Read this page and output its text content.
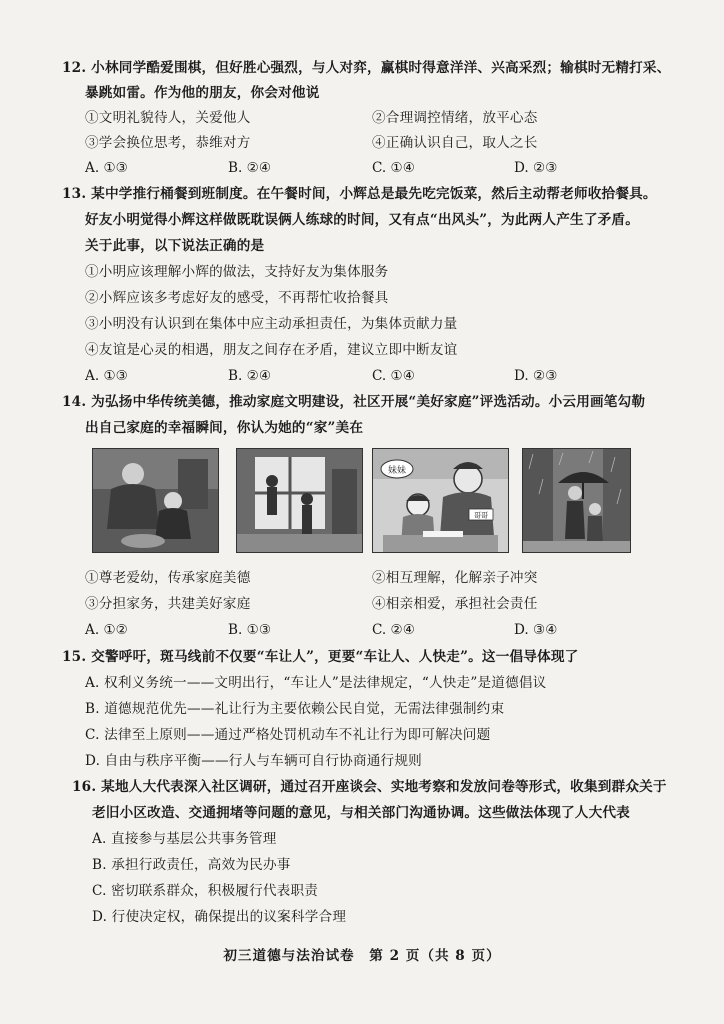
12. 小林同学酷爱围棋，但好胜心强烈，与人对弈，赢棋时得意洋洋、兴高采烈；输棋时无精打采、
暴跳如雷。作为他的朋友，你会对他说
①文明礼貌待人，关爱他人	②合理调控情绪，放平心态
③学会换位思考，恭维对方	④正确认识自己，取人之长
A. ①③	B. ②④	C. ①④	D. ②③
13. 某中学推行桶餐到班制度。在午餐时间，小辉总是最先吃完饭菜，然后主动帮老师收拾餐具。
好友小明觉得小辉这样做既耽误俩人练球的时间，又有点“出风头”，为此两人产生了矛盾。
关于此事，以下说法正确的是
①小明应该理解小辉的做法，支持好友为集体服务
②小辉应该多考虑好友的感受，不再帮忙收拾餐具
③小明没有认识到在集体中应主动承担责任，为集体贡献力量
④友谊是心灵的相遇，朋友之间存在矛盾，建议立即中断友谊
A. ①③	B. ②④	C. ①④	D. ②③
14. 为弘扬中华传统美德，推动家庭文明建设，社区开展“美好家庭”评选活动。小云用画笔勾勒
出自己家庭的幸福瞬间，你认为她的“家”美在
妹妹
哥哥
①尊老爱幼，传承家庭美德	②相互理解，化解亲子冲突
③分担家务，共建美好家庭	④相亲相爱，承担社会责任
A. ①②	B. ①③	C. ②④	D. ③④
15. 交警呼吁，斑马线前不仅要“车让人”，更要“车让人、人快走”。这一倡导体现了
A. 权利义务统一——文明出行，“车让人”是法律规定，“人快走”是道德倡议
B. 道德规范优先——礼让行为主要依赖公民自觉，无需法律强制约束
C. 法律至上原则——通过严格处罚机动车不礼让行为即可解决问题
D. 自由与秩序平衡——行人与车辆可自行协商通行规则
16. 某地人大代表深入社区调研，通过召开座谈会、实地考察和发放问卷等形式，收集到群众关于
老旧小区改造、交通拥堵等问题的意见，与相关部门沟通协调。这些做法体现了人大代表
A. 直接参与基层公共事务管理
B. 承担行政责任，高效为民办事
C. 密切联系群众，积极履行代表职责
D. 行使决定权，确保提出的议案科学合理
初三道德与法治试卷　第 2 页（共 8 页）
